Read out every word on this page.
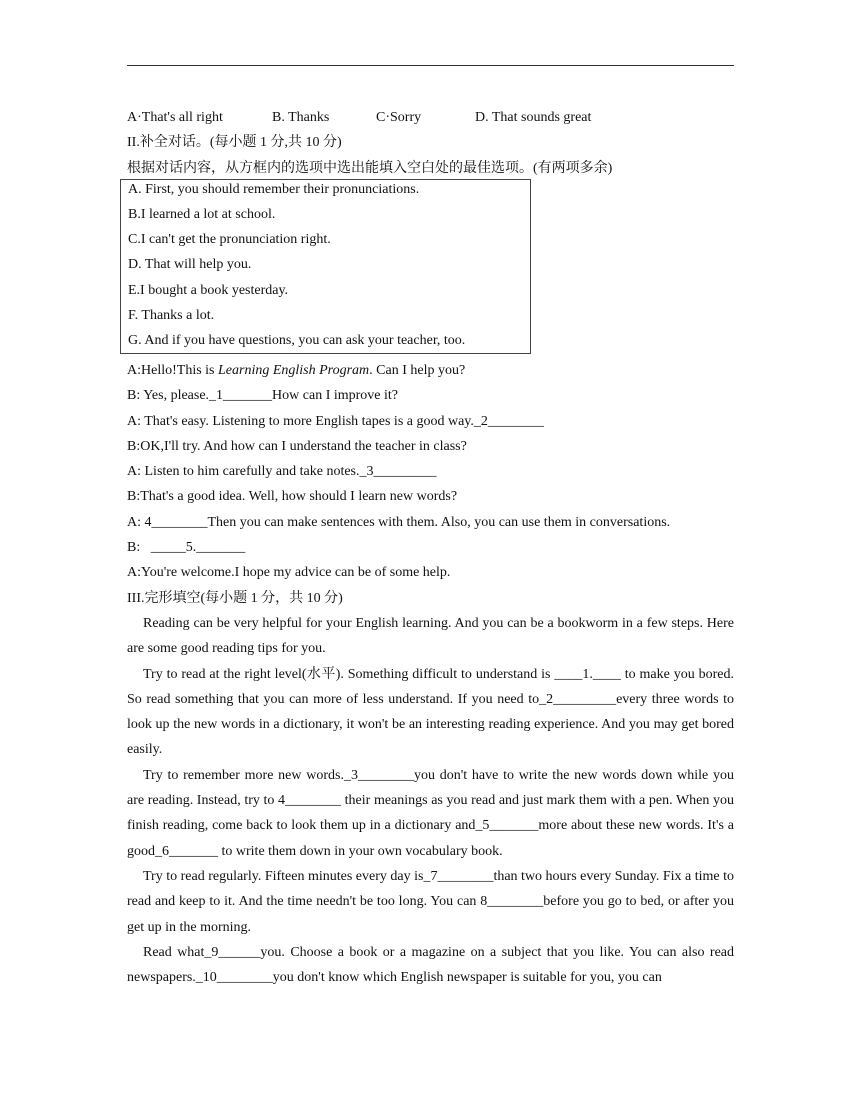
A·That's all right	B. Thanks	C·Sorry	D. That sounds great
II.补全对话。(每小题 1 分,共 10 分)
根据对话内容，从方框内的选项中选出能填入空白处的最佳选项。(有两项多余)
A. First, you should remember their pronunciations.
B.I learned a lot at school.
C.I can't get the pronunciation right.
D. That will help you.
E.I bought a book yesterday.
F. Thanks a lot.
G. And if you have questions, you can ask your teacher, too.
A:Hello!This is Learning English Program. Can I help you?
B: Yes, please._1_______How can I improve it?
A: That's easy. Listening to more English tapes is a good way._2________
B:OK,I'll try. And how can I understand the teacher in class?
A: Listen to him carefully and take notes._3_________
B:That's a good idea. Well, how should I learn new words?
A: 4________Then you can make sentences with them. Also, you can use them in conversations.
B:   _____5._______
A:You're welcome.I hope my advice can be of some help.
III.完形填空(每小题 1 分，共 10 分)
Reading can be very helpful for your English learning. And you can be a bookworm in a few steps. Here are some good reading tips for you.
Try to read at the right level(水平). Something difficult to understand is ____1.____ to make you bored. So read something that you can more of less understand. If you need to_2_________every three words to look up the new words in a dictionary, it won't be an interesting reading experience. And you may get bored easily.
Try to remember more new words._3________you don't have to write the new words down while you are reading. Instead, try to 4________ their meanings as you read and just mark them with a pen. When you finish reading, come back to look them up in a dictionary and_5_______more about these new words. It's a good_6_______ to write them down in your own vocabulary book.
Try to read regularly. Fifteen minutes every day is_7________than two hours every Sunday. Fix a time to read and keep to it. And the time needn't be too long. You can 8________before you go to bed, or after you get up in the morning.
Read what_9______you. Choose a book or a magazine on a subject that you like. You can also read newspapers._10________you don't know which English newspaper is suitable for you, you can
